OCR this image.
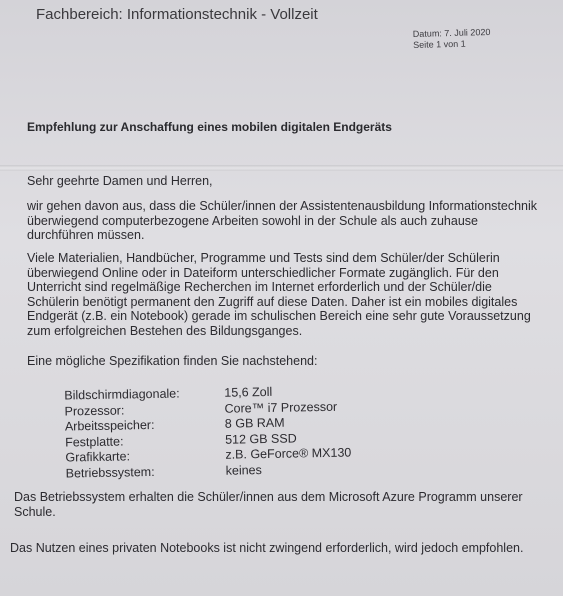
Fachbereich: Informationstechnik - Vollzeit
Datum: 7. Juli 2020
Seite 1 von 1
Empfehlung zur Anschaffung eines mobilen digitalen Endgeräts
Sehr geehrte Damen und Herren,
wir gehen davon aus, dass die Schüler/innen der Assistentenausbildung Informationstechnik überwiegend computerbezogene Arbeiten sowohl in der Schule als auch zuhause durchführen müssen.
Viele Materialien, Handbücher, Programme und Tests sind dem Schüler/der Schülerin überwiegend Online oder in Dateiform unterschiedlicher Formate zugänglich. Für den Unterricht sind regelmäßige Recherchen im Internet erforderlich und der Schüler/die Schülerin benötigt permanent den Zugriff auf diese Daten. Daher ist ein mobiles digitales Endgerät (z.B. ein Notebook) gerade im schulischen Bereich eine sehr gute Voraussetzung zum erfolgreichen Bestehen des Bildungsganges.
Eine mögliche Spezifikation finden Sie nachstehend:
Bildschirmdiagonale:	15,6 Zoll
Prozessor:	Core™ i7 Prozessor
Arbeitsspeicher:	8 GB RAM
Festplatte:	512 GB SSD
Grafikkarte:	z.B. GeForce® MX130
Betriebssystem:	keines
Das Betriebssystem erhalten die Schüler/innen aus dem Microsoft Azure Programm unserer Schule.
Das Nutzen eines privaten Notebooks ist nicht zwingend erforderlich, wird jedoch empfohlen.
